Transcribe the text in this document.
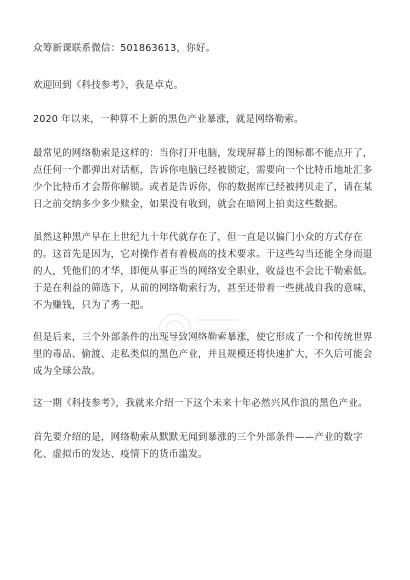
众筹新课联系微信：501863613，你好。

欢迎回到《科技参考》，我是卓克。

2020 年以来，一种算不上新的黑色产业暴涨，就是网络勒索。

最常见的网络勒索是这样的：当你打开电脑，发现屏幕上的图标都不能点开了，点任何一个都弹出对话框，告诉你电脑已经被锁定，需要向一个比特币地址汇多少个比特币才会帮你解锁。或者是告诉你，你的数据库已经被拷贝走了，请在某日之前交纳多少多少赎金，如果没有收到，就会在暗网上拍卖这些数据。

虽然这种黑产早在上世纪九十年代就存在了，但一直是以偏门小众的方式存在的。这首先是因为，它对操作者有着极高的技术要求。干这些勾当还能全身而退的人，凭他们的才华，即便从事正当的网络安全职业，收益也不会比干勒索低。于是在利益的筛选下，从前的网络勒索行为，甚至还带着一些挑战自我的意味，不为赚钱，只为了秀一把。

但是后来，三个外部条件的出现导致网络勒索暴涨，使它形成了一个和传统世界里的毒品、偷渡、走私类似的黑色产业，并且规模还将快速扩大，不久后可能会成为全球公敌。

这一期《科技参考》，我就来介绍一下这个未来十年必然兴风作浪的黑色产业。

首先要介绍的是，网络勒索从默默无闻到暴涨的三个外部条件——产业的数字化、虚拟币的发达、疫情下的货币滥发。
